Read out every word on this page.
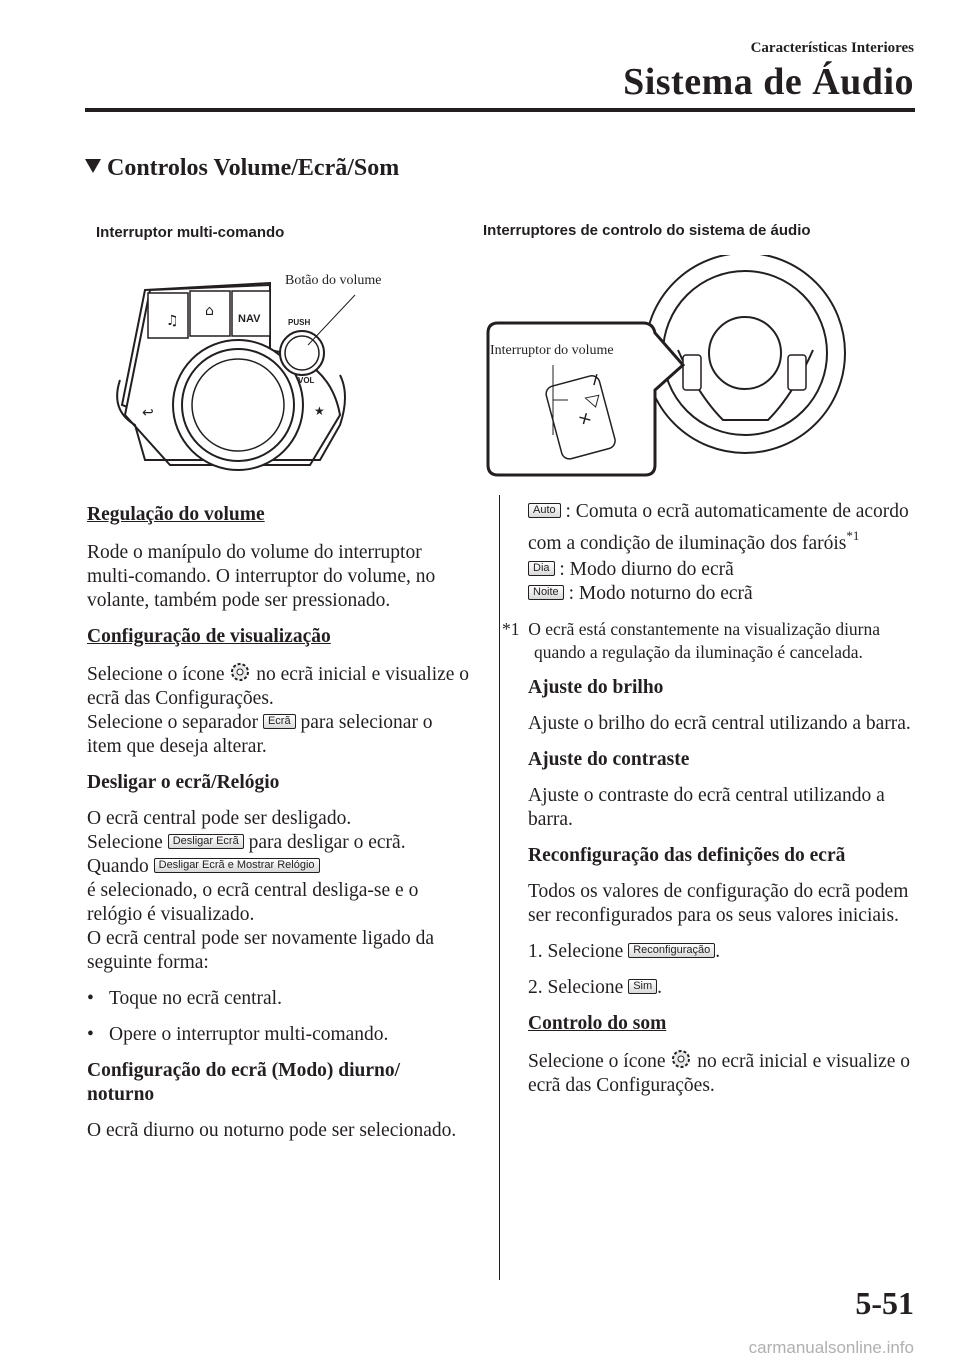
Características Interiores
Sistema de Áudio
Controlos Volume/Ecrã/Som
Interruptor multi-comando	Interruptores de controlo do sistema de áudio
♫
⌂ NAV
↩	★
PUSH
VOL
Botão do volume
+ △ −
Interruptor do volume

Regulação do volume

Rode o manípulo do volume do interruptor multi-comando. O interruptor do volume, no volante, também pode ser pressionado.

Configuração de visualização

Selecione o ícone no ecrã inicial e visualize o ecrã das Configurações.
Selecione o separador Ecrã para selecionar o item que deseja alterar.

Desligar o ecrã/Relógio

O ecrã central pode ser desligado.
Selecione Desligar Ecrã para desligar o ecrã.
Quando Desligar Ecrã e Mostrar Relógio
é selecionado, o ecrã central desliga-se e o relógio é visualizado.
O ecrã central pode ser novamente ligado da seguinte forma:

• Toque no ecrã central.

• Opere o interruptor multi-comando.

Configuração do ecrã (Modo) diurno/ noturno

O ecrã diurno ou noturno pode ser selecionado.

Auto : Comuta o ecrã automaticamente de acordo com a condição de iluminação dos faróis$^{*1}$

Dia : Modo diurno do ecrã

Noite : Modo noturno do ecrã

*1 O ecrã está constantemente na visualização diurna quando a regulação da iluminação é cancelada.

Ajuste do brilho

Ajuste o brilho do ecrã central utilizando a barra.

Ajuste do contraste

Ajuste o contraste do ecrã central utilizando a barra.

Reconfiguração das definições do ecrã

Todos os valores de configuração do ecrã podem ser reconfigurados para os seus valores iniciais.

1. Selecione Reconfiguração .

2. Selecione Sim .

Controlo do som

Selecione o ícone no ecrã inicial e visualize o ecrã das Configurações.

5-51
carmanualsonline.info
